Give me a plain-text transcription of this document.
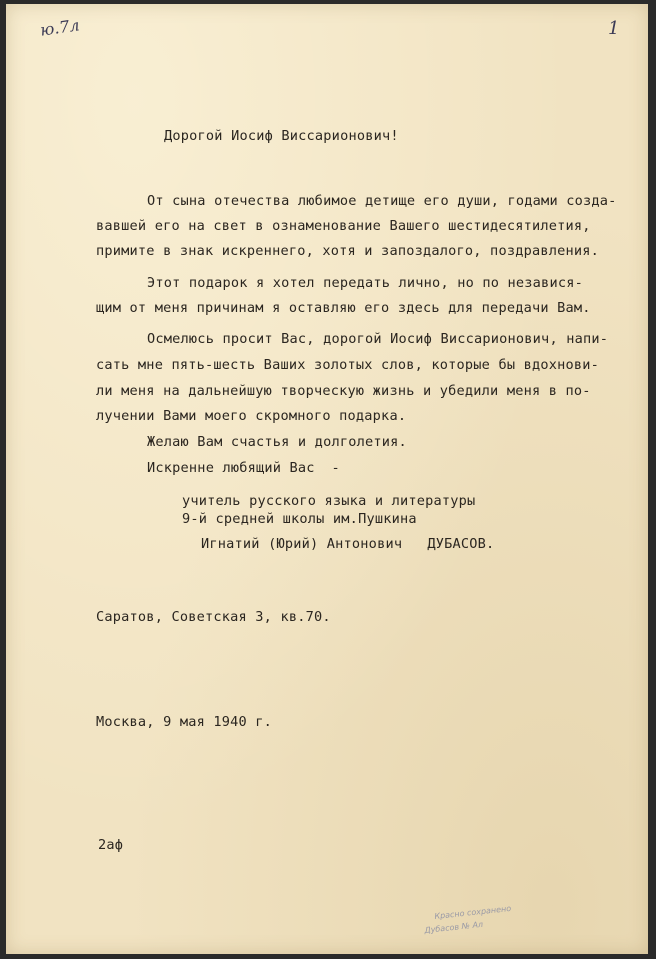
ю.7л	1
Дорогой Иосиф Виссарионович!
От сына отечества любимое детище его души, годами созда-
вавшей его на свет в ознаменование Вашего шестидесятилетия,
примите в знак искреннего, хотя и запоздалого, поздравления.
Этот подарок я хотел передать лично, но по независя-
щим от меня причинам я оставляю его здесь для передачи Вам.
Осмелюсь просит Вас, дорогой Иосиф Виссарионович, напи-
сать мне пять-шесть Ваших золотых слов, которые бы вдохнови-
ли меня на дальнейшую творческую жизнь и убедили меня в по-
лучении Вами моего скромного подарка.
Желаю Вам счастья и долголетия.
Искренне любящий Вас  -
учитель русского языка и литературы
9-й средней школы им.Пушкина
Игнатий (Юрий) Антонович   ДУБАСОВ.
Саратов, Советская 3, кв.70.
Москва, 9 мая 1940 г.
2аф
Красно сохранено
Дубасов № Ал
